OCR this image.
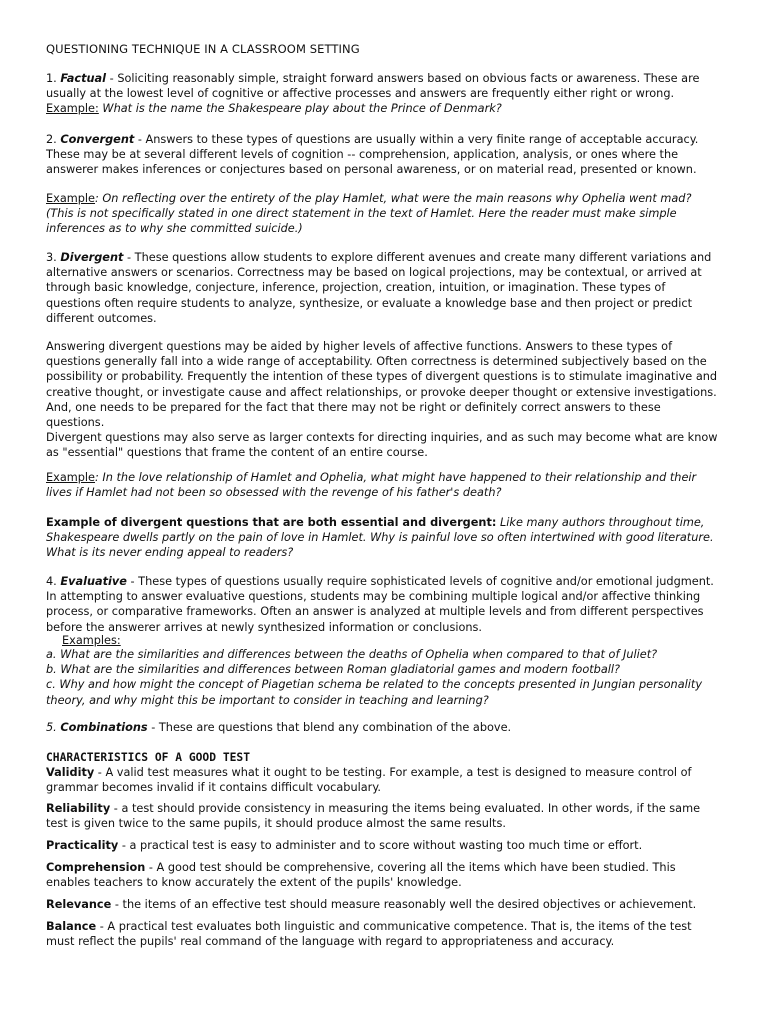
QUESTIONING TECHNIQUE IN A CLASSROOM SETTING

1. Factual - Soliciting reasonably simple, straight forward answers based on obvious facts or awareness. These are usually at the lowest level of cognitive or affective processes and answers are frequently either right or wrong.
Example: What is the name the Shakespeare play about the Prince of Denmark?
2. Convergent - Answers to these types of questions are usually within a very finite range of acceptable accuracy. These may be at several different levels of cognition -- comprehension, application, analysis, or ones where the answerer makes inferences or conjectures based on personal awareness, or on material read, presented or known.
Example: On reflecting over the entirety of the play Hamlet, what were the main reasons why Ophelia went mad? (This is not specifically stated in one direct statement in the text of Hamlet. Here the reader must make simple inferences as to why she committed suicide.)
3. Divergent - These questions allow students to explore different avenues and create many different variations and alternative answers or scenarios. Correctness may be based on logical projections, may be contextual, or arrived at through basic knowledge, conjecture, inference, projection, creation, intuition, or imagination. These types of questions often require students to analyze, synthesize, or evaluate a knowledge base and then project or predict different outcomes.
Answering divergent questions may be aided by higher levels of affective functions. Answers to these types of questions generally fall into a wide range of acceptability. Often correctness is determined subjectively based on the possibility or probability. Frequently the intention of these types of divergent questions is to stimulate imaginative and creative thought, or investigate cause and affect relationships, or provoke deeper thought or extensive investigations. And, one needs to be prepared for the fact that there may not be right or definitely correct answers to these questions.
Divergent questions may also serve as larger contexts for directing inquiries, and as such may become what are know as "essential" questions that frame the content of an entire course.
Example: In the love relationship of Hamlet and Ophelia, what might have happened to their relationship and their lives if Hamlet had not been so obsessed with the revenge of his father's death?
Example of divergent questions that are both essential and divergent: Like many authors throughout time, Shakespeare dwells partly on the pain of love in Hamlet. Why is painful love so often intertwined with good literature. What is its never ending appeal to readers?
4. Evaluative - These types of questions usually require sophisticated levels of cognitive and/or emotional judgment. In attempting to answer evaluative questions, students may be combining multiple logical and/or affective thinking process, or comparative frameworks. Often an answer is analyzed at multiple levels and from different perspectives before the answerer arrives at newly synthesized information or conclusions.
Examples:
a. What are the similarities and differences between the deaths of Ophelia when compared to that of Juliet?
b. What are the similarities and differences between Roman gladiatorial games and modern football?
c. Why and how might the concept of Piagetian schema be related to the concepts presented in Jungian personality theory, and why might this be important to consider in teaching and learning?
5. Combinations - These are questions that blend any combination of the above.
CHARACTERISTICS OF A GOOD TEST
Validity - A valid test measures what it ought to be testing. For example, a test is designed to measure control of grammar becomes invalid if it contains difficult vocabulary.
Reliability - a test should provide consistency in measuring the items being evaluated. In other words, if the same test is given twice to the same pupils, it should produce almost the same results.
Practicality - a practical test is easy to administer and to score without wasting too much time or effort.
Comprehension - A good test should be comprehensive, covering all the items which have been studied. This enables teachers to know accurately the extent of the pupils' knowledge.
Relevance - the items of an effective test should measure reasonably well the desired objectives or achievement.
Balance - A practical test evaluates both linguistic and communicative competence. That is, the items of the test must reflect the pupils' real command of the language with regard to appropriateness and accuracy.
